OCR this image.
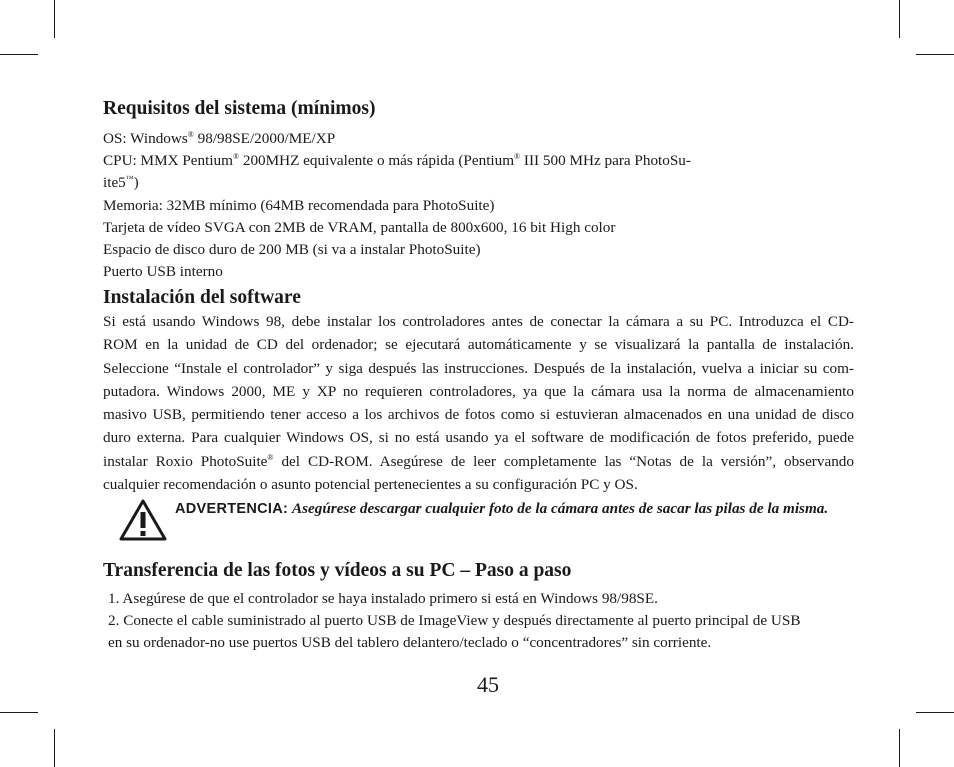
Requisitos del sistema (mínimos)
OS: Windows® 98/98SE/2000/ME/XP
CPU: MMX Pentium® 200MHZ equivalente o más rápida (Pentium® III 500 MHz para PhotoSu-
ite5™)
Memoria: 32MB mínimo (64MB recomendada para PhotoSuite)
Tarjeta de vídeo SVGA con 2MB de VRAM, pantalla de 800x600, 16 bit High color
Espacio de disco duro de 200 MB (si va a instalar PhotoSuite)
Puerto USB interno
Instalación del software
Si está usando Windows 98, debe instalar los controladores antes de conectar la cámara a su PC. Introduzca el CD-
ROM en la unidad de CD del ordenador; se ejecutará automáticamente y se visualizará la pantalla de instalación.
Seleccione “Instale el controlador” y siga después las instrucciones. Después de la instalación, vuelva a iniciar su com-
putadora. Windows 2000, ME y XP no requieren controladores, ya que la cámara usa la norma de almacenamiento
masivo USB, permitiendo tener acceso a los archivos de fotos como si estuvieran almacenados en una unidad de disco
duro externa. Para cualquier Windows OS, si no está usando ya el software de modificación de fotos preferido, puede
instalar Roxio PhotoSuite® del CD-ROM. Asegúrese de leer completamente las “Notas de la versión”, observando
cualquier recomendación o asunto potencial pertenecientes a su configuración PC y OS.
ADVERTENCIA: Asegúrese descargar cualquier foto de la cámara antes de sacar las pilas de la misma.
Transferencia de las fotos y vídeos a su PC – Paso a paso
1. Asegúrese de que el controlador se haya instalado primero si está en Windows 98/98SE.
2. Conecte el cable suministrado al puerto USB de ImageView y después directamente al puerto principal de USB
en su ordenador-no use puertos USB del tablero delantero/teclado o “concentradores” sin corriente.
45
